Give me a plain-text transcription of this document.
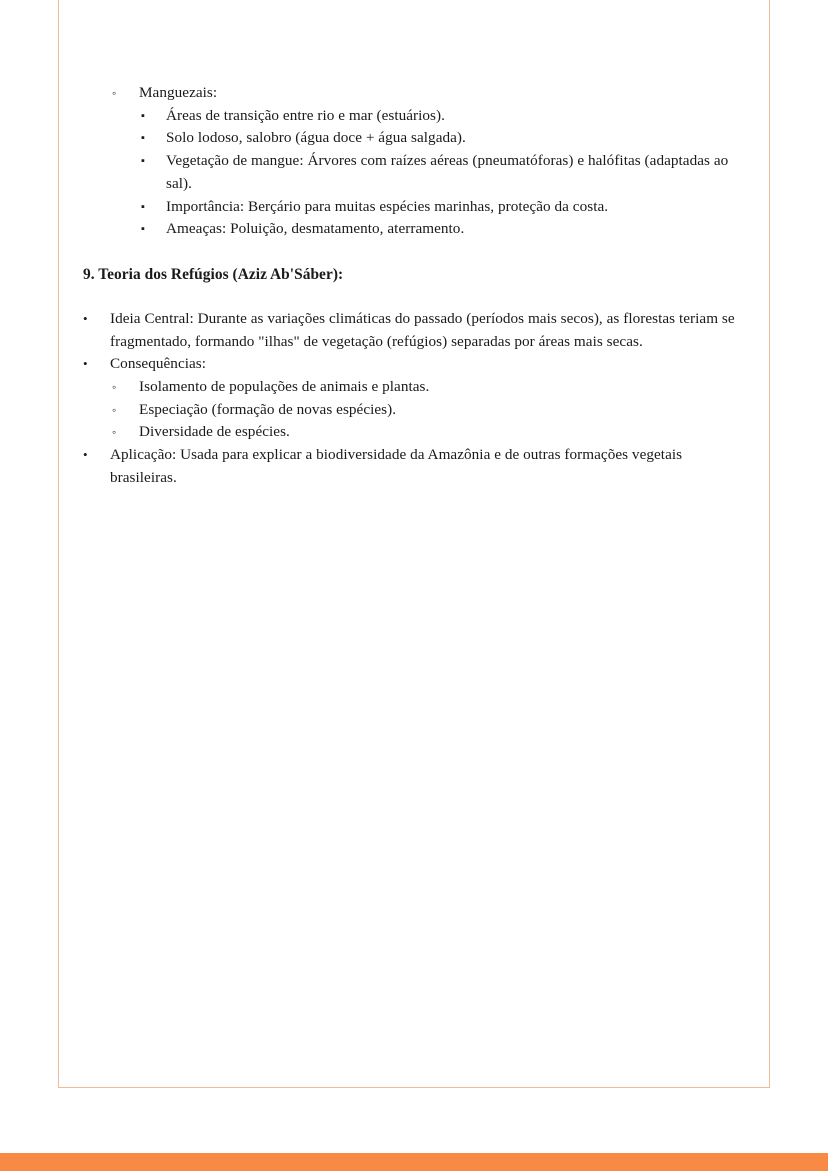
◦	Manguezais:
▪	Áreas de transição entre rio e mar (estuários).
▪	Solo lodoso, salobro (água doce + água salgada).
▪	Vegetação de mangue: Árvores com raízes aéreas (pneumatóforas) e halófitas (adaptadas ao sal).
▪	Importância: Berçário para muitas espécies marinhas, proteção da costa.
▪	Ameaças: Poluição, desmatamento, aterramento.

9. Teoria dos Refúgios (Aziz Ab'Sáber):

•	Ideia Central: Durante as variações climáticas do passado (períodos mais secos), as florestas teriam se fragmentado, formando "ilhas" de vegetação (refúgios) separadas por áreas mais secas.
•	Consequências:
◦	Isolamento de populações de animais e plantas.
◦	Especiação (formação de novas espécies).
◦	Diversidade de espécies.
•	Aplicação: Usada para explicar a biodiversidade da Amazônia e de outras formações vegetais brasileiras.
